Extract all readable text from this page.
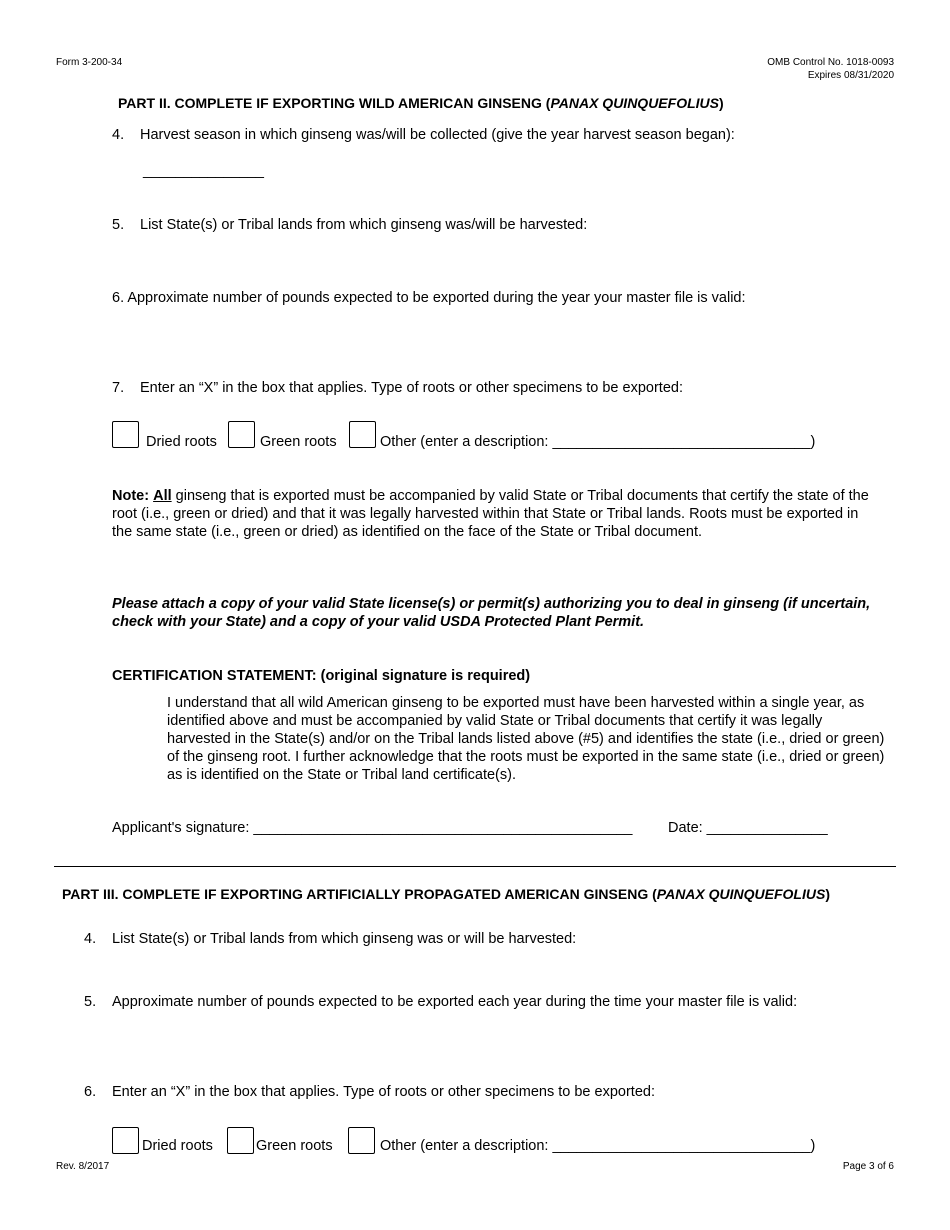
Form 3-200-34	OMB Control No. 1018-0093
Expires 08/31/2020
PART II. COMPLETE IF EXPORTING WILD AMERICAN GINSENG (PANAX QUINQUEFOLIUS)
4. Harvest season in which ginseng was/will be collected (give the year harvest season began):
_______________
5. List State(s) or Tribal lands from which ginseng was/will be harvested:
6. Approximate number of pounds expected to be exported during the year your master file is valid:
7. Enter an “X” in the box that applies. Type of roots or other specimens to be exported:
Dried roots	Green roots	Other (enter a description: ________________________________)
Note: All ginseng that is exported must be accompanied by valid State or Tribal documents that certify the state of the root (i.e., green or dried) and that it was legally harvested within that State or Tribal lands. Roots must be exported in the same state (i.e., green or dried) as identified on the face of the State or Tribal document.
Please attach a copy of your valid State license(s) or permit(s) authorizing you to deal in ginseng (if uncertain, check with your State) and a copy of your valid USDA Protected Plant Permit.
CERTIFICATION STATEMENT: (original signature is required)
I understand that all wild American ginseng to be exported must have been harvested within a single year, as identified above and must be accompanied by valid State or Tribal documents that certify it was legally harvested in the State(s) and/or on the Tribal lands listed above (#5) and identifies the state (i.e., dried or green) of the ginseng root. I further acknowledge that the roots must be exported in the same state (i.e., dried or green) as is identified on the State or Tribal land certificate(s).
Applicant's signature: _______________________________________________ Date: _______________
PART III. COMPLETE IF EXPORTING ARTIFICIALLY PROPAGATED AMERICAN GINSENG (PANAX QUINQUEFOLIUS)
4. List State(s) or Tribal lands from which ginseng was or will be harvested:
5. Approximate number of pounds expected to be exported each year during the time your master file is valid:
6. Enter an “X” in the box that applies. Type of roots or other specimens to be exported:
Dried roots	Green roots	Other (enter a description: ________________________________)
Rev. 8/2017	Page 3 of 6
